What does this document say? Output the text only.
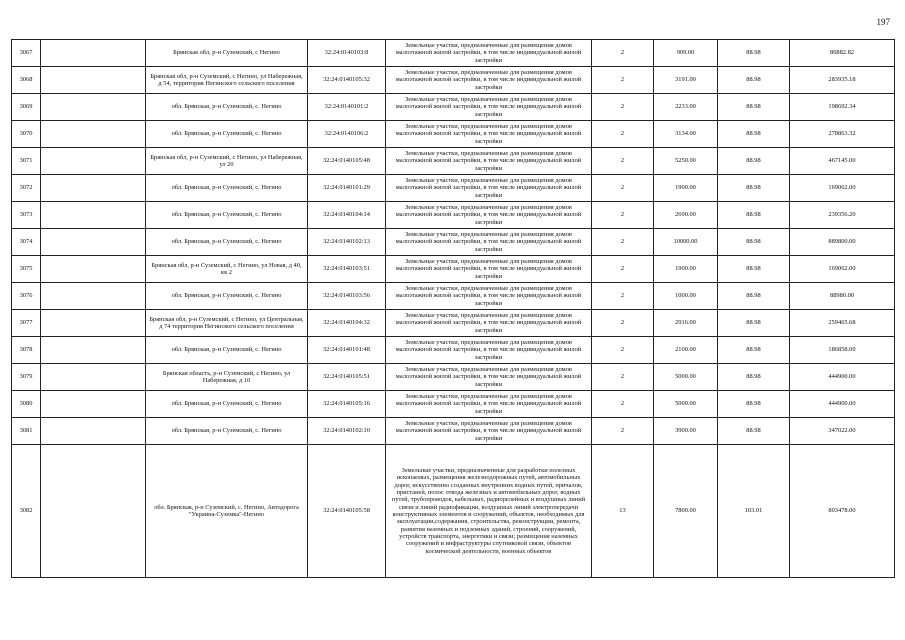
197
3067		Брянская обл, р-н Суземский, с Негино	32:24:0140103:8	Земельные участки, предназначенные для размещения домов малоэтажной жилой застройки, в том числе индивидуальной жилой застройки	2	909.00	88.98	80882.82
3068		Брянская обл, р-н Суземский, с Негино, ул Набережная, д 54, территория Негинского сельского поселения	32:24:0140105:32	Земельные участки, предназначенные для размещения домов малоэтажной жилой застройки, в том числе индивидуальной жилой застройки	2	3191.00	88.98	283935.18
3069		обл. Брянская, р-н Суземский, с. Негино	32:24:0140101:2	Земельные участки, предназначенные для размещения домов малоэтажной жилой застройки, в том числе индивидуальной жилой застройки	2	2233.00	88.98	198692.34
3070		обл. Брянская, р-н Суземский, с. Негино	32:24:0140106:2	Земельные участки, предназначенные для размещения домов малоэтажной жилой застройки, в том числе индивидуальной жилой застройки	2	3134.00	88.98	278863.32
3071		Брянская обл, р-н Суземский, с Негино, ул Набережная, ул 20	32:24:0140105:48	Земельные участки, предназначенные для размещения домов малоэтажной жилой застройки, в том числе индивидуальной жилой застройки	2	5250.00	88.98	467145.00
3072		обл. Брянская, р-н Суземский, с. Негино	32:24:0140101:29	Земельные участки, предназначенные для размещения домов малоэтажной жилой застройки, в том числе индивидуальной жилой застройки	2	1900.00	88.98	169062.00
3073		обл. Брянская, р-н Суземский, с. Негино	32:24:0140104:14	Земельные участки, предназначенные для размещения домов малоэтажной жилой застройки, в том числе индивидуальной жилой застройки	2	2690.00	88.98	239356.20
3074		обл. Брянская, р-н Суземский, с. Негино	32:24:0140102:13	Земельные участки, предназначенные для размещения домов малоэтажной жилой застройки, в том числе индивидуальной жилой застройки	2	10000.00	88.98	889800.00
3075		Брянская обл, р-н Суземский, с Негино, ул Новая, д 40, кв 2	32:24:0140103:51	Земельные участки, предназначенные для размещения домов малоэтажной жилой застройки, в том числе индивидуальной жилой застройки	2	1900.00	88.98	169062.00
3076		обл. Брянская, р-н Суземский, с. Негино	32:24:0140103:56	Земельные участки, предназначенные для размещения домов малоэтажной жилой застройки, в том числе индивидуальной жилой застройки	2	1000.00	88.98	88980.00
3077		Брянская обл, р-н Суземский, с Негино, ул Центральная, д 74 территория Негинского сельского поселения	32:24:0140104:32	Земельные участки, предназначенные для размещения домов малоэтажной жилой застройки, в том числе индивидуальной жилой застройки	2	2916.00	88.98	259465.68
3078		обл. Брянская, р-н Суземский, с. Негино	32:24:0140101:48	Земельные участки, предназначенные для размещения домов малоэтажной жилой застройки, в том числе индивидуальной жилой застройки	2	2100.00	88.98	186858.00
3079		Брянская область, р-н Суземский, с Негино, ул Набережная, д 10	32:24:0140105:51	Земельные участки, предназначенные для размещения домов малоэтажной жилой застройки, в том числе индивидуальной жилой застройки	2	5000.00	88.98	444900.00
3080		обл. Брянская, р-н Суземский, с. Негино	32:24:0140105:16	Земельные участки, предназначенные для размещения домов малоэтажной жилой застройки, в том числе индивидуальной жилой застройки	2	5000.00	88.98	444900.00
3081		обл. Брянская, р-н Суземский, с. Негино	32:24:0140102:10	Земельные участки, предназначенные для размещения домов малоэтажной жилой застройки, в том числе индивидуальной жилой застройки	2	3900.00	88.98	347022.00
3082		обл. Брянская, р-н Суземский, с. Негино, Автодорога "Украина-Суземка"-Негино	32:24:0140105:58	Земельные участки, предназначенные для разработки полезных ископаемых, размещения железнодорожных путей, автомобильных дорог, искусственно созданных внутренних водных путей, причалов, пристаней, полос отвода железных и автомобильных дорог, водных путей, трубопроводов, кабельных, радиорелейных и воздушных линий связи и линий радиофикации, воздушных линий электропередачи конструктивных элементов и сооружений, объектов, необходимых для эксплуатации,содержания, строительства, реконструкции, ремонта, развития наземных и подземных зданий, строений, сооружений, устройств транспорта, энергетики и связи; размещения наземных сооружений и инфраструктуры спутниковой связи, объектов космической деятельности, военных объектов	13	7800.00	103.01	803478.00
